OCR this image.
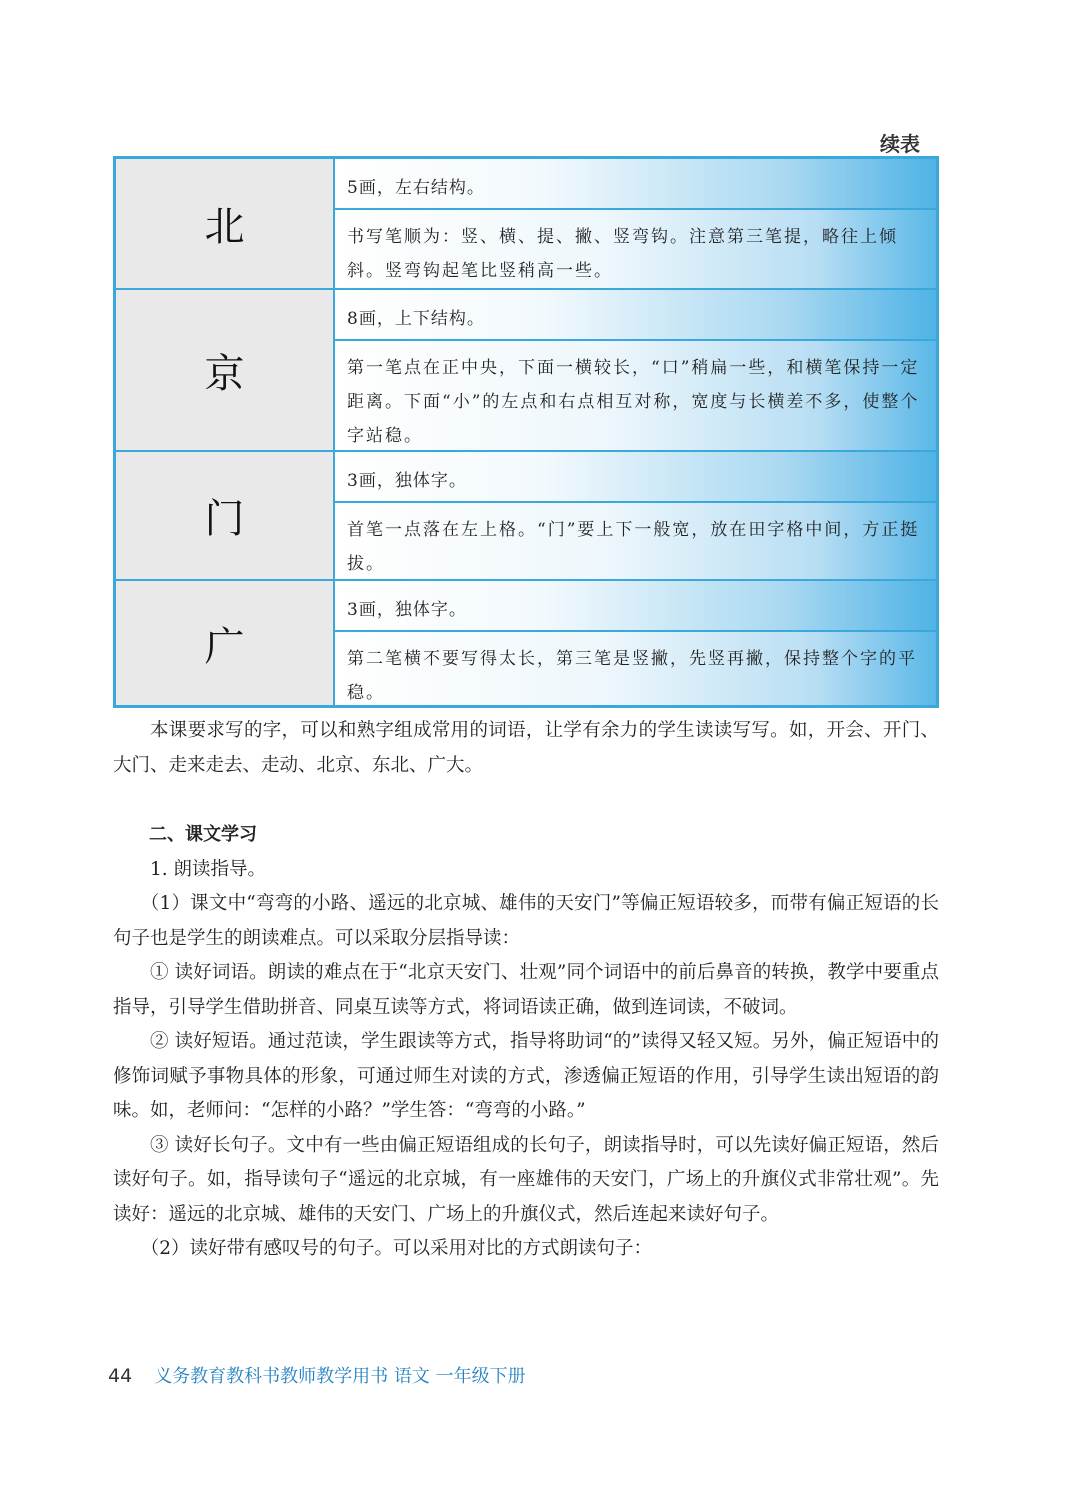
续表
北
5画，左右结构。
书写笔顺为：竖、横、提、撇、竖弯钩。注意第三笔提，略往上倾斜。竖弯钩起笔比竖稍高一些。
京
8画，上下结构。
第一笔点在正中央，下面一横较长，“口”稍扁一些，和横笔保持一定距离。下面“小”的左点和右点相互对称，宽度与长横差不多，使整个字站稳。
门
3画，独体字。
首笔一点落在左上格。“门”要上下一般宽，放在田字格中间，方正挺拔。
广
3画，独体字。
第二笔横不要写得太长，第三笔是竖撇，先竖再撇，保持整个字的平稳。

本课要求写的字，可以和熟字组成常用的词语，让学有余力的学生读读写写。如，开会、开门、大门、走来走去、走动、北京、东北、广大。

二、课文学习

1. 朗读指导。

（1）课文中“弯弯的小路、遥远的北京城、雄伟的天安门”等偏正短语较多，而带有偏正短语的长句子也是学生的朗读难点。可以采取分层指导读：

① 读好词语。朗读的难点在于“北京天安门、壮观”同个词语中的前后鼻音的转换，教学中要重点指导，引导学生借助拼音、同桌互读等方式，将词语读正确，做到连词读，不破词。

② 读好短语。通过范读，学生跟读等方式，指导将助词“的”读得又轻又短。另外，偏正短语中的修饰词赋予事物具体的形象，可通过师生对读的方式，渗透偏正短语的作用，引导学生读出短语的韵味。如，老师问：“怎样的小路？”学生答：“弯弯的小路。”

③ 读好长句子。文中有一些由偏正短语组成的长句子，朗读指导时，可以先读好偏正短语，然后读好句子。如，指导读句子“遥远的北京城，有一座雄伟的天安门，广场上的升旗仪式非常壮观”。先读好：遥远的北京城、雄伟的天安门、广场上的升旗仪式，然后连起来读好句子。

（2）读好带有感叹号的句子。可以采用对比的方式朗读句子：

44 义务教育教科书教师教学用书 语文 一年级下册
